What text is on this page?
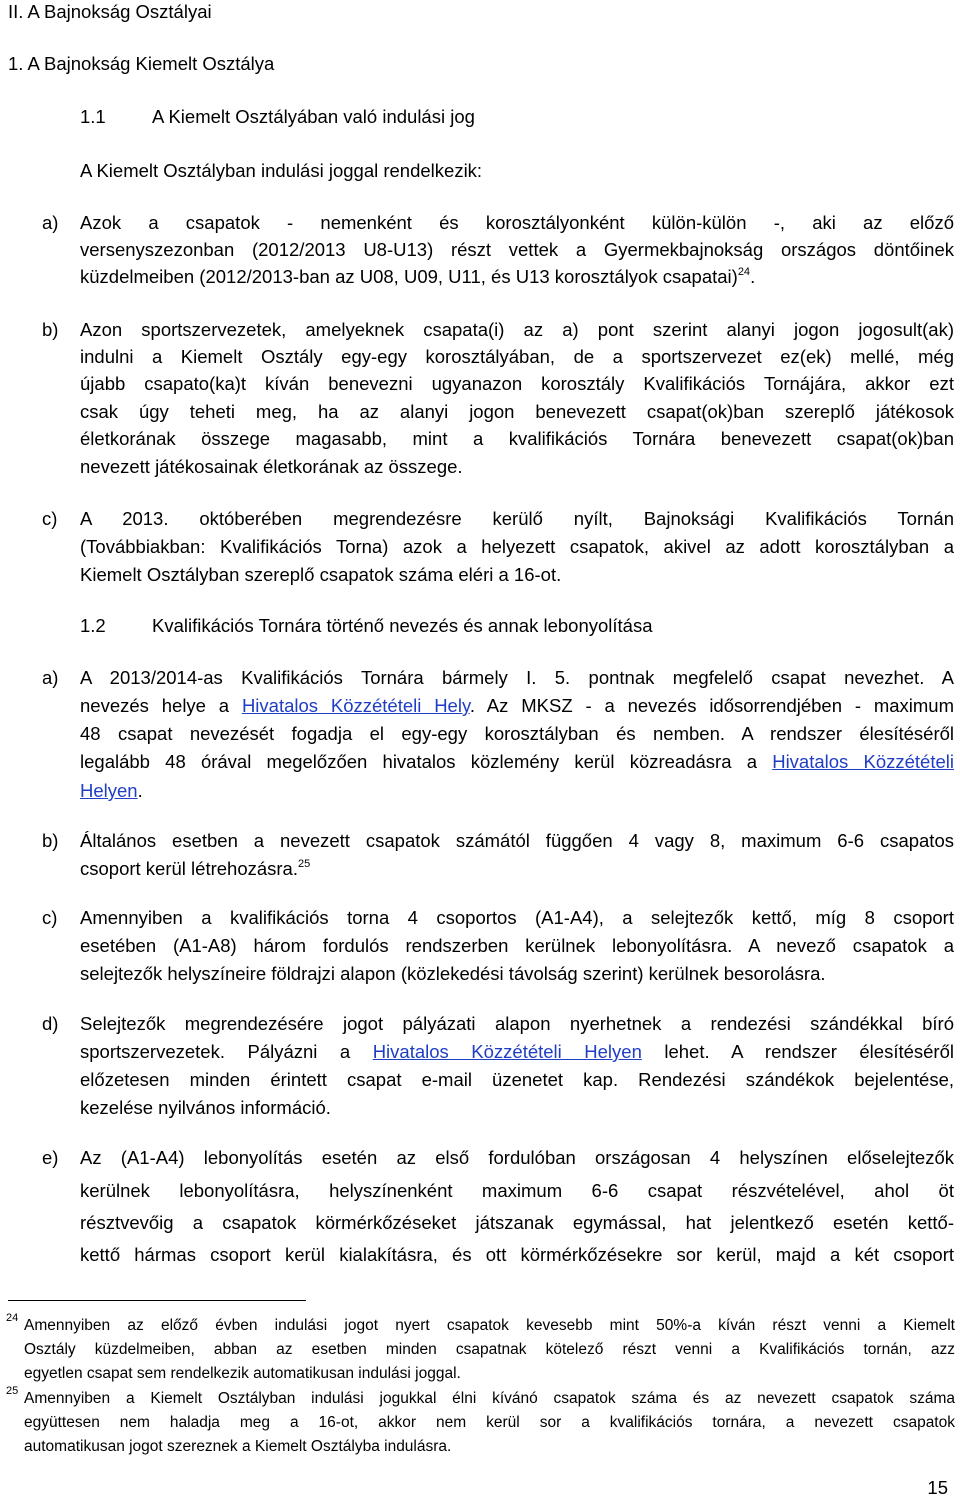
II. A Bajnokság Osztályai
1. A Bajnokság Kiemelt Osztálya
1.1	A Kiemelt Osztályában való indulási jog
A Kiemelt Osztályban indulási joggal rendelkezik:
a) Azok a csapatok - nemenként és korosztályonként külön-külön -, aki az előző
versenyszezonban (2012/2013 U8-U13) részt vettek a Gyermekbajnokság országos döntőinek
küzdelmeiben (2012/2013-ban az U08, U09, U11, és U13 korosztályok csapatai)$^{24}$.
b) Azon sportszervezetek, amelyeknek csapata(i) az a) pont szerint alanyi jogon jogosult(ak)
indulni a Kiemelt Osztály egy-egy korosztályában, de a sportszervezet ez(ek) mellé, még
újabb csapato(ka)t kíván benevezni ugyanazon korosztály Kvalifikációs Tornájára, akkor ezt
csak úgy teheti meg, ha az alanyi jogon benevezett csapat(ok)ban szereplő játékosok
életkorának összege magasabb, mint a kvalifikációs Tornára benevezett csapat(ok)ban
nevezett játékosainak életkorának az összege.
c) A 2013. októberében megrendezésre kerülő nyílt, Bajnoksági Kvalifikációs Tornán
(Továbbiakban: Kvalifikációs Torna) azok a helyezett csapatok, akivel az adott korosztályban a
Kiemelt Osztályban szereplő csapatok száma eléri a 16-ot.
1.2	Kvalifikációs Tornára történő nevezés és annak lebonyolítása
a) A 2013/2014-as Kvalifikációs Tornára bármely I. 5. pontnak megfelelő csapat nevezhet. A
nevezés helye a Hivatalos Közzétételi Hely. Az MKSZ - a nevezés idősorrendjében - maximum
48 csapat nevezését fogadja el egy-egy korosztályban és nemben. A rendszer élesítéséről
legalább 48 órával megelőzően hivatalos közlemény kerül közreadásra a Hivatalos Közzétételi
Helyen.
b) Általános esetben a nevezett csapatok számától függően 4 vagy 8, maximum 6-6 csapatos
csoport kerül létrehozásra.$^{25}$
c) Amennyiben a kvalifikációs torna 4 csoportos (A1-A4), a selejtezők kettő, míg 8 csoport
esetében (A1-A8) három fordulós rendszerben kerülnek lebonyolításra. A nevező csapatok a
selejtezők helyszíneire földrajzi alapon (közlekedési távolság szerint) kerülnek besorolásra.
d) Selejtezők megrendezésére jogot pályázati alapon nyerhetnek a rendezési szándékkal bíró
sportszervezetek. Pályázni a Hivatalos Közzétételi Helyen lehet. A rendszer élesítéséről
előzetesen minden érintett csapat e-mail üzenetet kap. Rendezési szándékok bejelentése,
kezelése nyilvános információ.
e) Az (A1-A4) lebonyolítás esetén az első fordulóban országosan 4 helyszínen előselejtezők
kerülnek lebonyolításra, helyszínenként maximum 6-6 csapat részvételével, ahol öt
résztvevőig a csapatok körmérkőzéseket játszanak egymással, hat jelentkező esetén kettő-
kettő hármas csoport kerül kialakításra, és ott körmérkőzésekre sor kerül, majd a két csoport
24 Amennyiben az előző évben indulási jogot nyert csapatok kevesebb mint 50%-a kíván részt venni a Kiemelt
Osztály küzdelmeiben, abban az esetben minden csapatnak kötelező részt venni a Kvalifikációs tornán, azz
egyetlen csapat sem rendelkezik automatikusan indulási joggal.
25 Amennyiben a Kiemelt Osztályban indulási jogukkal élni kívánó csapatok száma és az nevezett csapatok száma
együttesen nem haladja meg a 16-ot, akkor nem kerül sor a kvalifikációs tornára, a nevezett csapatok
automatikusan jogot szereznek a Kiemelt Osztályba indulásra.
15
